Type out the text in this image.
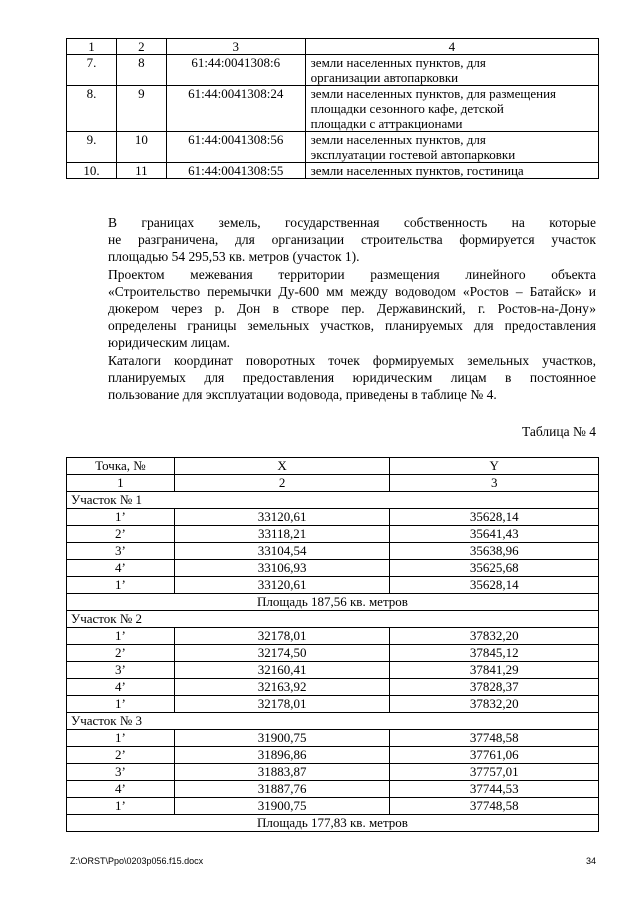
1	2	3	4
7.	8	61:44:0041308:6	земли населенных пунктов, для
организации автопарковки

8.	9	61:44:0041308:24	земли населенных пунктов, для размещения
площадки сезонного кафе, детской
площадки с аттракционами

9.	10	61:44:0041308:56	земли населенных пунктов, для
эксплуатации гостевой автопарковки

10.	11	61:44:0041308:55	земли населенных пунктов, гостиница

В границах земель, государственная собственность на которые
не разграничена, для организации строительства формируется участок
площадью 54 295,53 кв. метров (участок 1).

Проектом межевания территории размещения линейного объекта
«Строительство перемычки Ду-600 мм между водоводом «Ростов – Батайск» и
дюкером через р. Дон в створе пер. Державинский, г. Ростов-на-Дону»
определены границы земельных участков, планируемых для предоставления
юридическим лицам.

Каталоги координат поворотных точек формируемых земельных участков,
планируемых для предоставления юридическим лицам в постоянное
пользование для эксплуатации водовода, приведены в таблице № 4.

Таблица № 4
Точка, №	X	Y
1	2	3
Участок № 1		
1’	33120,61	35628,14
2’	33118,21	35641,43
3’	33104,54	35638,96
4’	33106,93	35625,68
1’	33120,61	35628,14
Площадь 187,56 кв. метров		
Участок № 2		
1’	32178,01	37832,20
2’	32174,50	37845,12
3’	32160,41	37841,29
4’	32163,92	37828,37
1’	32178,01	37832,20
Участок № 3		
1’	31900,75	37748,58
2’	31896,86	37761,06
3’	31883,87	37757,01
4’	31887,76	37744,53
1’	31900,75	37748,58
Площадь 177,83 кв. метров		
Z:\ORST\Ppo\0203p056.f15.docx	34
